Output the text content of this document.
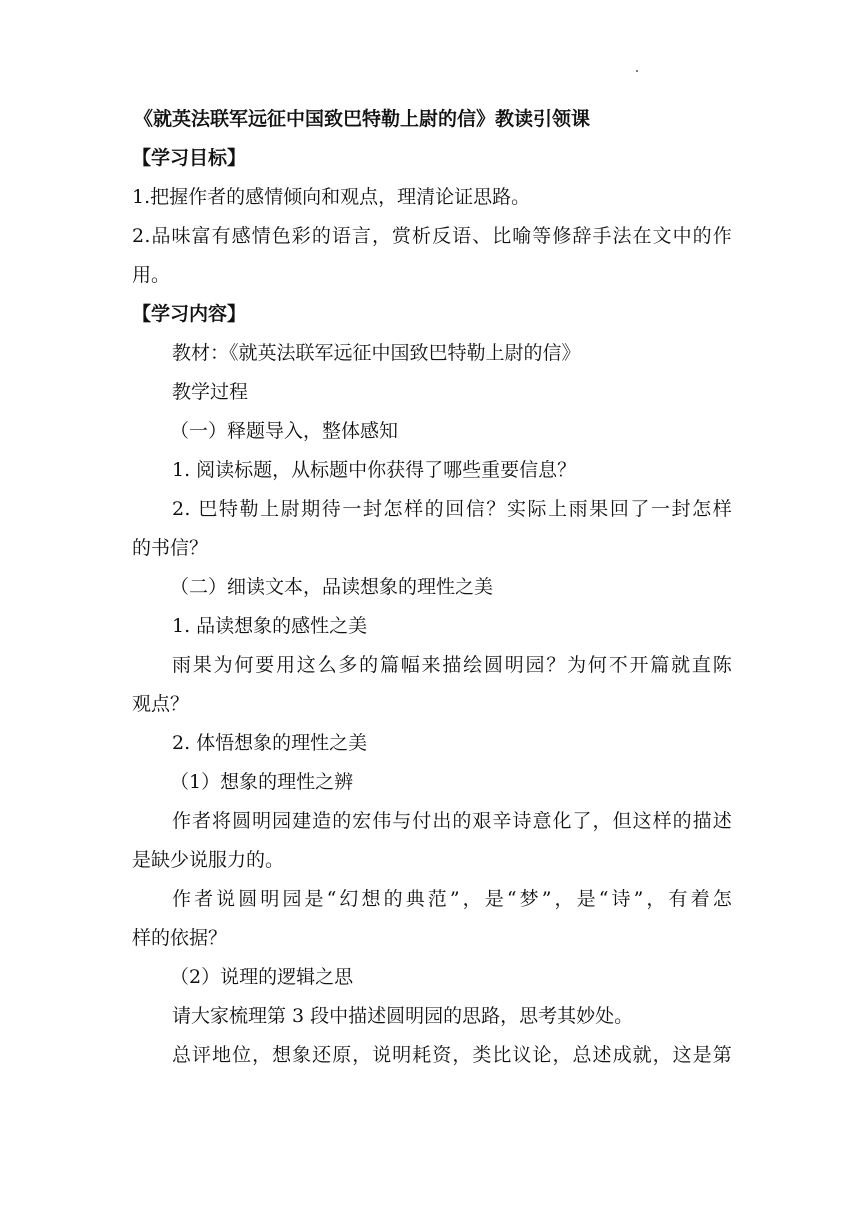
《就英法联军远征中国致巴特勒上尉的信》教读引领课
【学习目标】
1.把握作者的感情倾向和观点，理清论证思路。
2.品味富有感情色彩的语言，赏析反语、比喻等修辞手法在文中的作
用。
【学习内容】
教材：《就英法联军远征中国致巴特勒上尉的信》
教学过程
（一）释题导入，整体感知
1. 阅读标题，从标题中你获得了哪些重要信息？
2. 巴特勒上尉期待一封怎样的回信？实际上雨果回了一封怎样
的书信？
（二）细读文本，品读想象的理性之美
1. 品读想象的感性之美
雨果为何要用这么多的篇幅来描绘圆明园？为何不开篇就直陈
观点？
2. 体悟想象的理性之美
（1）想象的理性之辨
作者将圆明园建造的宏伟与付出的艰辛诗意化了，但这样的描述
是缺少说服力的。
作者说圆明园是“幻想的典范”，是“梦”，是“诗”，有着怎
样的依据？
（2）说理的逻辑之思
请大家梳理第 3 段中描述圆明园的思路，思考其妙处。
总评地位，想象还原，说明耗资，类比议论，总述成就，这是第
